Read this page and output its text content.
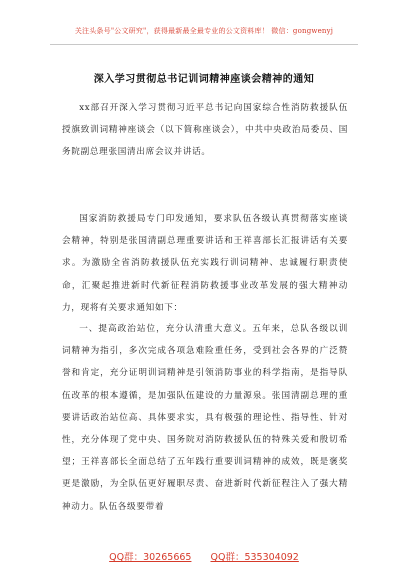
关注头条号"公文研究"，获得最新最全最专业的公文资料库！ 微信：gongwenyj
深入学习贯彻总书记训词精神座谈会精神的通知

xx部召开深入学习贯彻习近平总书记向国家综合性消防救援队伍授旗致训词精神座谈会（以下简称座谈会），中共中央政治局委员、国务院副总理张国清出席会议并讲话。

国家消防救援局专门印发通知，要求队伍各级认真贯彻落实座谈会精神，特别是张国清副总理重要讲话和王祥喜部长汇报讲话有关要求。为激励全省消防救援队伍充实践行训词精神、忠诚履行职责使命，汇聚起推进新时代新征程消防救援事业改革发展的强大精神动力，现将有关要求通知如下：

一、提高政治站位，充分认清重大意义。五年来，总队各级以训词精神为指引，多次完成各项急难险重任务，受到社会各界的广泛赞誉和肯定，充分证明训词精神是引领消防事业的科学指南，是指导队伍改革的根本遵循，是加强队伍建设的力量源泉。张国清副总理的重要讲话政治站位高、具体要求实，具有极强的理论性、指导性、针对性，充分体现了党中央、国务院对消防救援队伍的特殊关爱和殷切希望；王祥喜部长全面总结了五年践行重要训词精神的成效，既是褒奖更是激励，为全队伍更好履职尽责、奋进新时代新征程注入了强大精神动力。队伍各级要带着

QQ群：30265665 QQ群：535304092
